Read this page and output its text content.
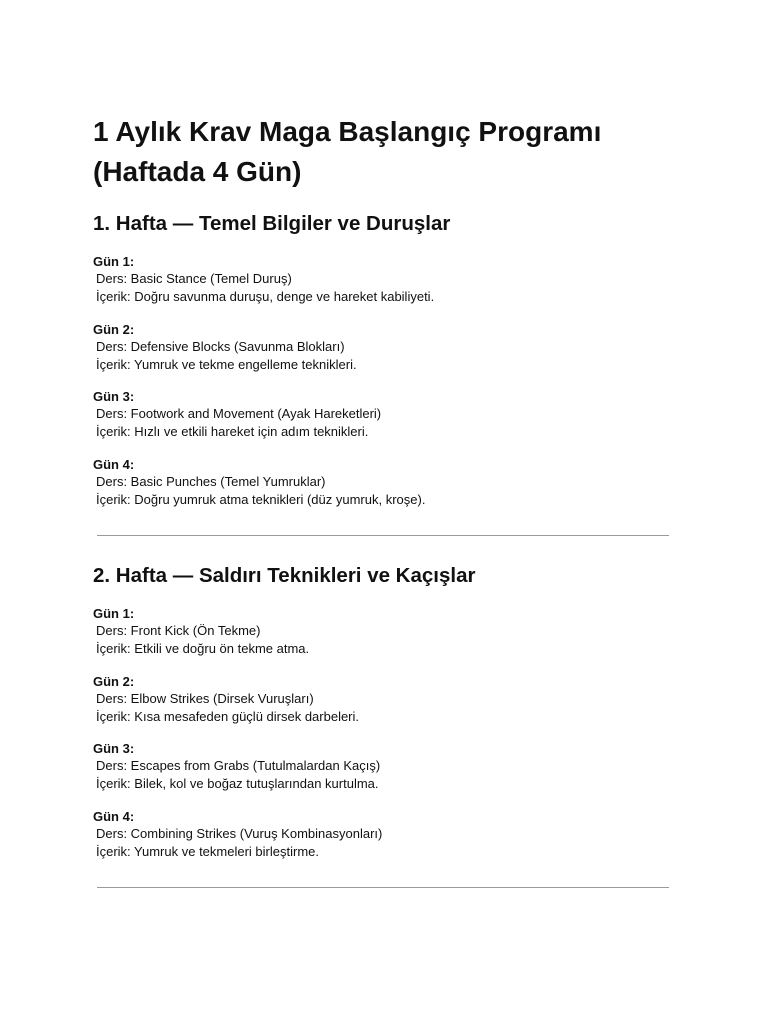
1 Aylık Krav Maga Başlangıç Programı
(Haftada 4 Gün)
1. Hafta — Temel Bilgiler ve Duruşlar
Gün 1:
Ders: Basic Stance (Temel Duruş)
İçerik: Doğru savunma duruşu, denge ve hareket kabiliyeti.
Gün 2:
Ders: Defensive Blocks (Savunma Blokları)
İçerik: Yumruk ve tekme engelleme teknikleri.
Gün 3:
Ders: Footwork and Movement (Ayak Hareketleri)
İçerik: Hızlı ve etkili hareket için adım teknikleri.
Gün 4:
Ders: Basic Punches (Temel Yumruklar)
İçerik: Doğru yumruk atma teknikleri (düz yumruk, kroşe).
2. Hafta — Saldırı Teknikleri ve Kaçışlar
Gün 1:
Ders: Front Kick (Ön Tekme)
İçerik: Etkili ve doğru ön tekme atma.
Gün 2:
Ders: Elbow Strikes (Dirsek Vuruşları)
İçerik: Kısa mesafeden güçlü dirsek darbeleri.
Gün 3:
Ders: Escapes from Grabs (Tutulmalardan Kaçış)
İçerik: Bilek, kol ve boğaz tutuşlarından kurtulma.
Gün 4:
Ders: Combining Strikes (Vuruş Kombinasyonları)
İçerik: Yumruk ve tekmeleri birleştirme.
